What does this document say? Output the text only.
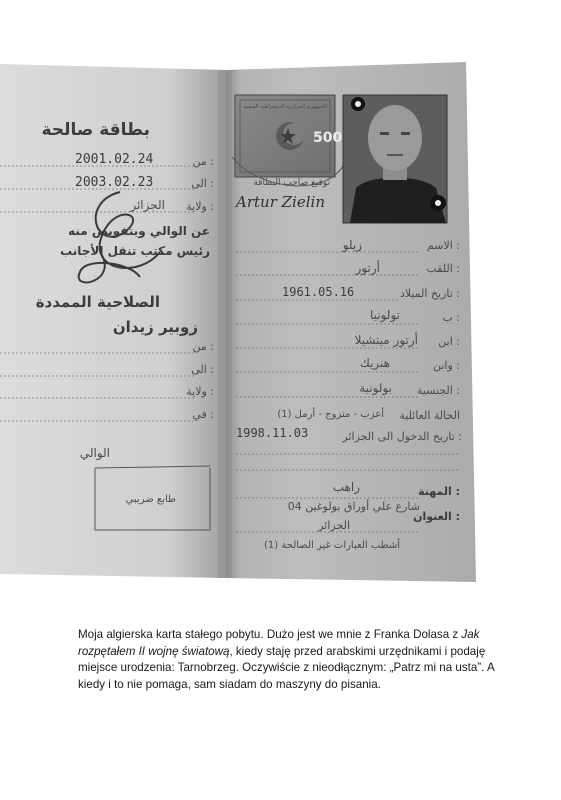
بطاقة صالحة
من :
2001.02.24
الى :
2003.02.23
ولاية :
الجزائر
عن الوالي وبتفويض منه
رئيس مكتب تنقل الأجانب
الصلاحية الممددة
زوبير زيدان
من :
الى :
ولاية :
في :
الوالي
طابع ضريبي
الجمهورية الجزائرية الديمقراطية الشعبية
500
توقيع صاحب البطاقة
Artur Zielin
الاسم :
زيلو
اللقب :
أرتور
تاريخ الميلاد :
1961.05.16
ب :
تولونيا
ابن :
أرتور ميتشيلا
وابن :
هنريك
الجنسية :
بولونية
الحالة العائلية
أعزب - متزوج - أرمل (1)
تاريخ الدخول الى الجزائر :
1998.11.03
المهنة :
راهب
العنوان :
04 شارع علي أوراق بولوغين
الجزائر
(1) أشطب العبارات غير الصالحة
Moja algierska karta stałego pobytu. Dużo jest we mnie z Franka Dolasa z Jak rozpętałem II wojnę światową, kiedy staję przed arabskimi urzędnikami i podaję miejsce urodzenia: Tarnobrzeg. Oczywiście z nieodłącznym: „Patrz mi na usta”. A kiedy i to nie pomaga, sam siadam do maszyny do pisania.
